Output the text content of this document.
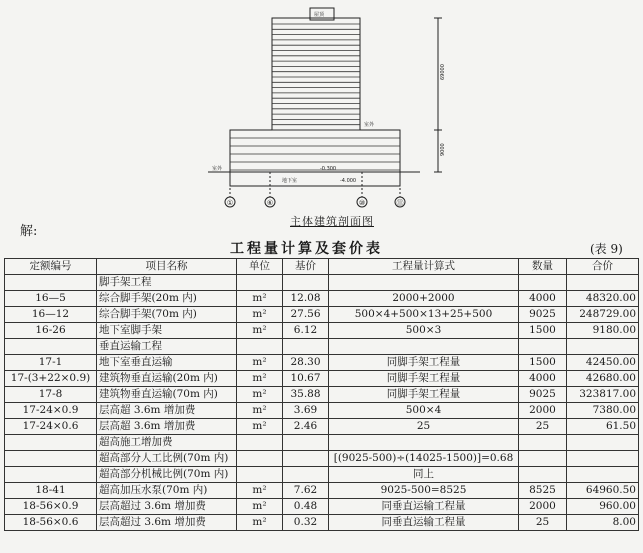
屋顶
69000
9000
室外
地下室
-0.300
-4.000
室外
①	⑥	⑩	⑪
主体建筑剖面图
解:
工程量计算及套价表	(表 9)
定额编号	项目名称	单位	基价	工程量计算式	数量	合价
	脚手架工程					
16—5	综合脚手架(20m 内)	m²	12.08	2000+2000	4000	48320.00
16—12	综合脚手架(70m 内)	m²	27.56	500×4+500×13+25+500	9025	248729.00
16-26	地下室脚手架	m²	6.12	500×3	1500	9180.00
	垂直运输工程					
17-1	地下室垂直运输	m²	28.30	同脚手架工程量	1500	42450.00
17-(3+22×0.9)	建筑物垂直运输(20m 内)	m²	10.67	同脚手架工程量	4000	42680.00
17-8	建筑物垂直运输(70m 内)	m²	35.88	同脚手架工程量	9025	323817.00
17-24×0.9	层高超 3.6m 增加费	m²	3.69	500×4	2000	7380.00
17-24×0.6	层高超 3.6m 增加费	m²	2.46	25	25	61.50
	超高施工增加费					
	超高部分人工比例(70m 内)			[(9025-500)÷(14025-1500)]=0.68		
	超高部分机械比例(70m 内)			同上		
18-41	超高加压水泵(70m 内)	m²	7.62	9025-500=8525	8525	64960.50
18-56×0.9	层高超过 3.6m 增加费	m²	0.48	同垂直运输工程量	2000	960.00
18-56×0.6	层高超过 3.6m 增加费	m²	0.32	同垂直运输工程量	25	8.00
